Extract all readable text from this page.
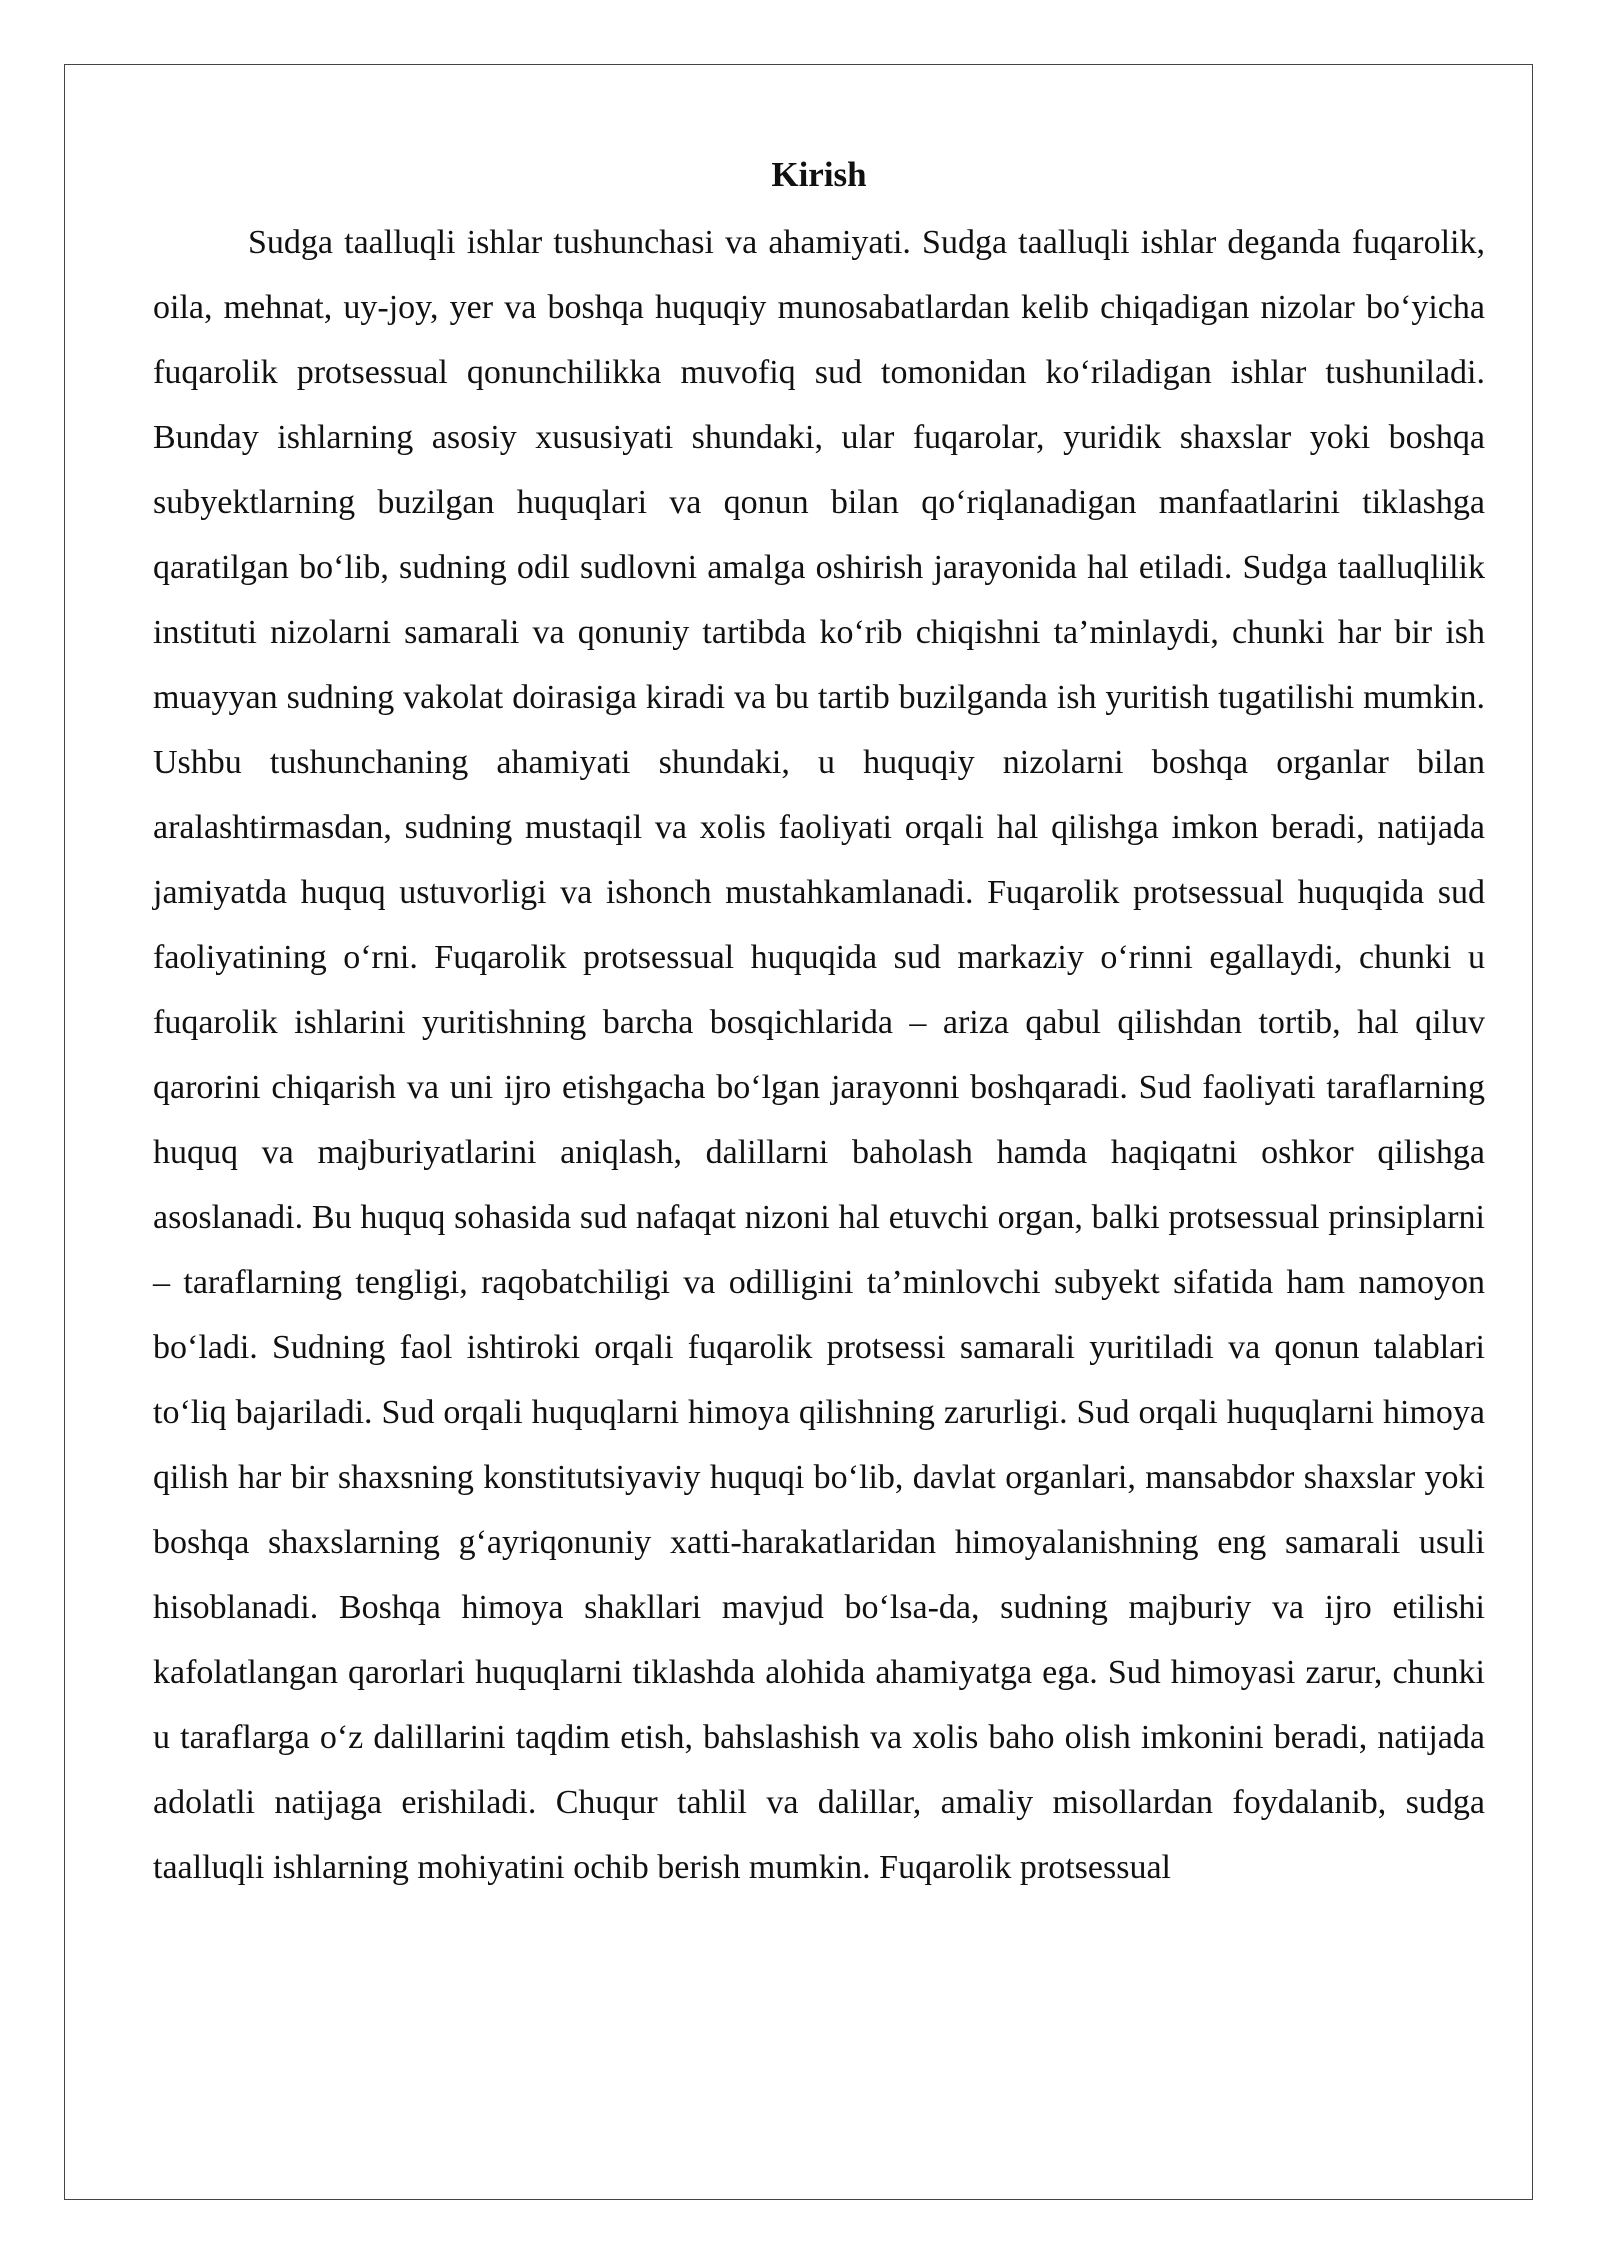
Kirish

Sudga taalluqli ishlar tushunchasi va ahamiyati. Sudga taalluqli ishlar deganda fuqarolik, oila, mehnat, uy-joy, yer va boshqa huquqiy munosabatlardan kelib chiqadigan nizolar bo‘yicha fuqarolik protsessual qonunchilikka muvofiq sud tomonidan ko‘riladigan ishlar tushuniladi. Bunday ishlarning asosiy xususiyati shundaki, ular fuqarolar, yuridik shaxslar yoki boshqa subyektlarning buzilgan huquqlari va qonun bilan qo‘riqlanadigan manfaatlarini tiklashga qaratilgan bo‘lib, sudning odil sudlovni amalga oshirish jarayonida hal etiladi. Sudga taalluqlilik instituti nizolarni samarali va qonuniy tartibda ko‘rib chiqishni ta’minlaydi, chunki har bir ish muayyan sudning vakolat doirasiga kiradi va bu tartib buzilganda ish yuritish tugatilishi mumkin. Ushbu tushunchaning ahamiyati shundaki, u huquqiy nizolarni boshqa organlar bilan aralashtirmasdan, sudning mustaqil va xolis faoliyati orqali hal qilishga imkon beradi, natijada jamiyatda huquq ustuvorligi va ishonch mustahkamlanadi. Fuqarolik protsessual huquqida sud faoliyatining o‘rni. Fuqarolik protsessual huquqida sud markaziy o‘rinni egallaydi, chunki u fuqarolik ishlarini yuritishning barcha bosqichlarida – ariza qabul qilishdan tortib, hal qiluv qarorini chiqarish va uni ijro etishgacha bo‘lgan jarayonni boshqaradi. Sud faoliyati taraflarning huquq va majburiyatlarini aniqlash, dalillarni baholash hamda haqiqatni oshkor qilishga asoslanadi. Bu huquq sohasida sud nafaqat nizoni hal etuvchi organ, balki protsessual prinsiplarni – taraflarning tengligi, raqobatchiligi va odilligini ta’minlovchi subyekt sifatida ham namoyon bo‘ladi. Sudning faol ishtiroki orqali fuqarolik protsessi samarali yuritiladi va qonun talablari to‘liq bajariladi. Sud orqali huquqlarni himoya qilishning zarurligi. Sud orqali huquqlarni himoya qilish har bir shaxsning konstitutsiyaviy huquqi bo‘lib, davlat organlari, mansabdor shaxslar yoki boshqa shaxslarning g‘ayriqonuniy xatti-harakatlaridan himoyalanishning eng samarali usuli hisoblanadi. Boshqa himoya shakllari mavjud bo‘lsa-da, sudning majburiy va ijro etilishi kafolatlangan qarorlari huquqlarni tiklashda alohida ahamiyatga ega. Sud himoyasi zarur, chunki u taraflarga o‘z dalillarini taqdim etish, bahslashish va xolis baho olish imkonini beradi, natijada adolatli natijaga erishiladi. Chuqur tahlil va dalillar, amaliy misollardan foydalanib, sudga taalluqli ishlarning mohiyatini ochib berish mumkin. Fuqarolik protsessual
